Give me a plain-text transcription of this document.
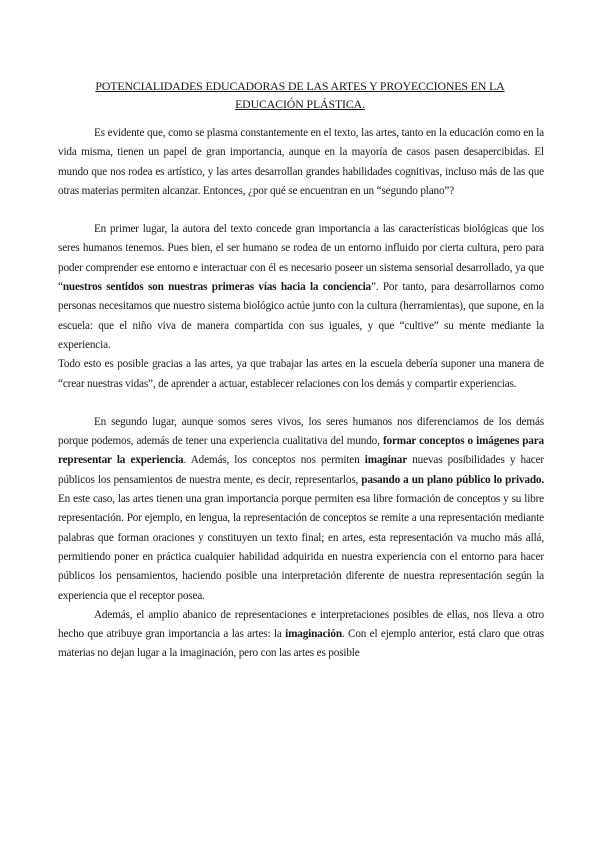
POTENCIALIDADES EDUCADORAS DE LAS ARTES Y PROYECCIONES EN LA EDUCACIÓN PLÁSTICA.

Es evidente que, como se plasma constantemente en el texto, las artes, tanto en la educación como en la vida misma, tienen un papel de gran importancia, aunque en la mayoría de casos pasen desapercibidas. El mundo que nos rodea es artístico, y las artes desarrollan grandes habilidades cognitivas, incluso más de las que otras materias permiten alcanzar. Entonces, ¿por qué se encuentran en un “segundo plano”?

En primer lugar, la autora del texto concede gran importancia a las características biológicas que los seres humanos tenemos. Pues bien, el ser humano se rodea de un entorno influido por cierta cultura, pero para poder comprender ese entorno e interactuar con él es necesario poseer un sistema sensorial desarrollado, ya que “nuestros sentidos son nuestras primeras vías hacia la conciencia”. Por tanto, para desarrollarnos como personas necesitamos que nuestro sistema biológico actúe junto con la cultura (herramientas), que supone, en la escuela: que el niño viva de manera compartida con sus iguales, y que “cultive” su mente mediante la experiencia.

Todo esto es posible gracias a las artes, ya que trabajar las artes en la escuela debería suponer una manera de “crear nuestras vidas”, de aprender a actuar, establecer relaciones con los demás y compartir experiencias.

En segundo lugar, aunque somos seres vivos, los seres humanos nos diferenciamos de los demás porque podemos, además de tener una experiencia cualitativa del mundo, formar conceptos o imágenes para representar la experiencia. Además, los conceptos nos permiten imaginar nuevas posibilidades y hacer públicos los pensamientos de nuestra mente, es decir, representarlos, pasando a un plano público lo privado. En este caso, las artes tienen una gran importancia porque permiten esa libre formación de conceptos y su libre representación. Por ejemplo, en lengua, la representación de conceptos se remite a una representación mediante palabras que forman oraciones y constituyen un texto final; en artes, esta representación va mucho más allá, permitiendo poner en práctica cualquier habilidad adquirida en nuestra experiencia con el entorno para hacer públicos los pensamientos, haciendo posible una interpretación diferente de nuestra representación según la experiencia que el receptor posea.

Además, el amplio abanico de representaciones e interpretaciones posibles de ellas, nos lleva a otro hecho que atribuye gran importancia a las artes: la imaginación. Con el ejemplo anterior, está claro que otras materias no dejan lugar a la imaginación, pero con las artes es posible
